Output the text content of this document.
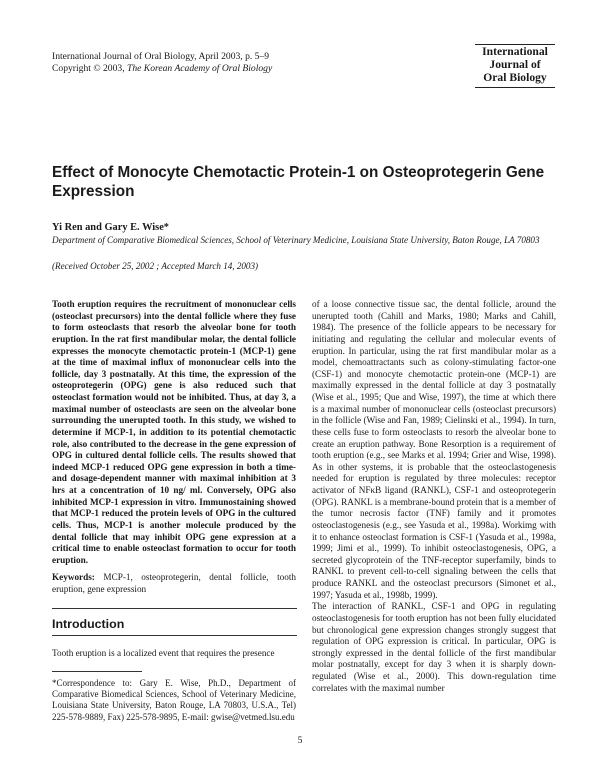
International Journal of Oral Biology, April 2003, p. 5–9
Copyright © 2003, The Korean Academy of Oral Biology
International
Journal of
Oral Biology
Effect of Monocyte Chemotactic Protein-1 on Osteoprotegerin Gene Expression
Yi Ren and Gary E. Wise*
Department of Comparative Biomedical Sciences, School of Veterinary Medicine, Louisiana State University, Baton Rouge, LA 70803
(Received October 25, 2002 ; Accepted March 14, 2003)
Tooth eruption requires the recruitment of mononuclear cells (osteoclast precursors) into the dental follicle where they fuse to form osteoclasts that resorb the alveolar bone for tooth eruption. In the rat first mandibular molar, the dental follicle expresses the monocyte chemotactic protein-1 (MCP-1) gene at the time of maximal influx of mononuclear cells into the follicle, day 3 postnatally. At this time, the expression of the osteoprotegerin (OPG) gene is also reduced such that osteoclast formation would not be inhibited. Thus, at day 3, a maximal number of osteoclasts are seen on the alveolar bone surrounding the unerupted tooth. In this study, we wished to determine if MCP-1, in addition to its potential chemotactic role, also contributed to the decrease in the gene expression of OPG in cultured dental follicle cells. The results showed that indeed MCP-1 reduced OPG gene expression in both a time- and dosage-dependent manner with maximal inhibition at 3 hrs at a concentration of 10 ng/ ml. Conversely, OPG also inhibited MCP-1 expression in vitro. Immunostaining showed that MCP-1 reduced the protein levels of OPG in the cultured cells. Thus, MCP-1 is another molecule produced by the dental follicle that may inhibit OPG gene expression at a critical time to enable osteoclast formation to occur for tooth eruption.
Keywords: MCP-1, osteoprotegerin, dental follicle, tooth eruption, gene expression
Introduction
Tooth eruption is a localized event that requires the presence
*Correspondence to: Gary E. Wise, Ph.D., Department of Comparative Biomedical Sciences, School of Veterinary Medicine, Louisiana State University, Baton Rouge, LA 70803, U.S.A., Tel) 225-578-9889, Fax) 225-578-9895, E-mail: gwise@vetmed.lsu.edu

of a loose connective tissue sac, the dental follicle, around the unerupted tooth (Cahill and Marks, 1980; Marks and Cahill, 1984). The presence of the follicle appears to be necessary for initiating and regulating the cellular and molecular events of eruption. In particular, using the rat first mandibular molar as a model, chemoattractants such as colony-stimulating factor-one (CSF-1) and monocyte chemotactic protein-one (MCP-1) are maximally expressed in the dental follicle at day 3 postnatally (Wise et al., 1995; Que and Wise, 1997), the time at which there is a maximal number of mononuclear cells (osteoclast precursors) in the follicle (Wise and Fan, 1989; Cielinski et al., 1994). In turn, these cells fuse to form osteoclasts to resorb the alveolar bone to create an eruption pathway. Bone Resorption is a requirement of tooth eruption (e.g., see Marks et al. 1994; Grier and Wise, 1998). As in other systems, it is probable that the osteoclastogenesis needed for eruption is regulated by three molecules: receptor activator of NFκB ligand (RANKL), CSF-1 and osteoprotegerin (OPG). RANKL is a membrane-bound protein that is a member of the tumor necrosis factor (TNF) family and it promotes osteoclastogenesis (e.g., see Yasuda et al., 1998a). Workimg with it to enhance osteoclast formation is CSF-1 (Yasuda et al., 1998a, 1999; Jimi et al., 1999). To inhibit osteoclastogenesis, OPG, a secreted glycoprotein of the TNF-receptor superfamily, binds to RANKL to prevent cell-to-cell signaling between the cells that produce RANKL and the osteoclast precursors (Simonet et al., 1997; Yasuda et al., 1998b, 1999).

The interaction of RANKL, CSF-1 and OPG in regulating osteoclastogenesis for tooth eruption has not been fully elucidated but chronological gene expression changes strongly suggest that regulation of OPG expression is critical. In particular, OPG is strongly expressed in the dental follicle of the first mandibular molar postnatally, except for day 3 when it is sharply down-regulated (Wise et al., 2000). This down-regulation time correlates with the maximal number

5
